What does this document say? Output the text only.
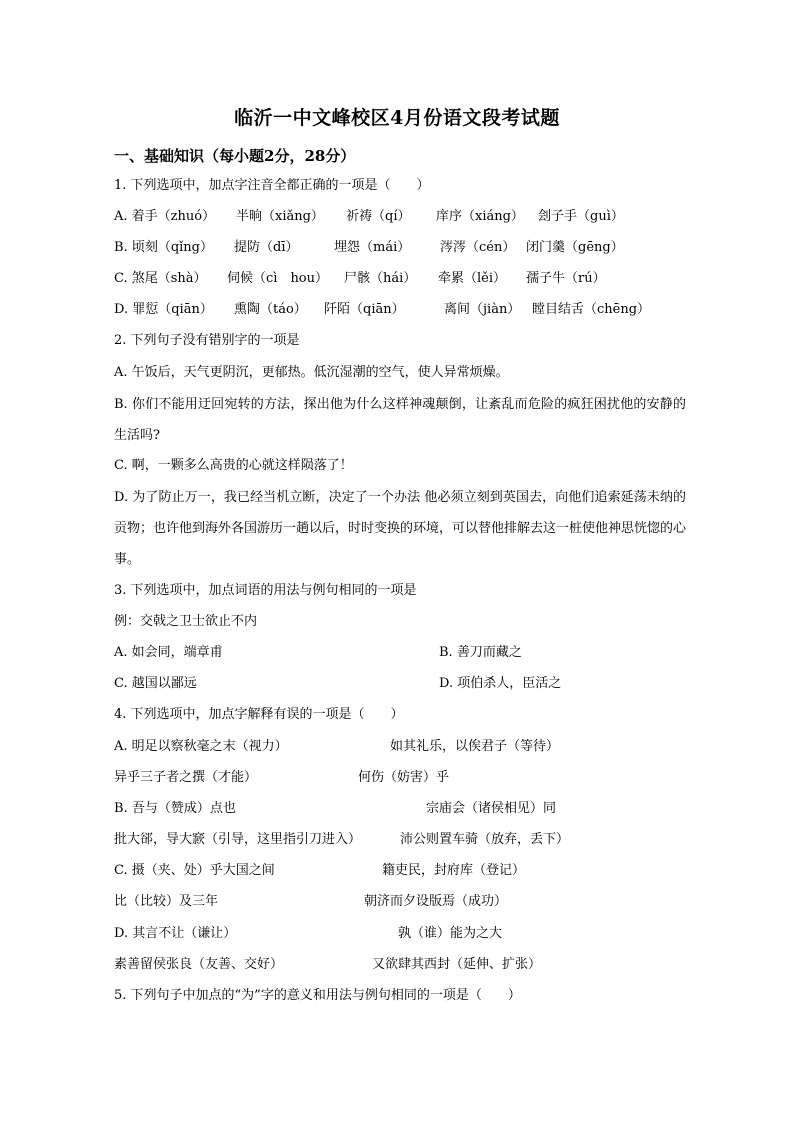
临沂一中文峰校区4月份语文段考试题
一、基础知识（每小题2分，28分）
1. 下列选项中，加点字注音全都正确的一项是（　　）
A. 着手（zhuó） 半晌（xiǎng） 祈祷（qí） 庠序（xiáng） 刽子手（guì）
B. 顷刻（qǐng） 提防（dī）	埋怨（mái） 涔涔（cén） 闭门羹（gēng）
C. 煞尾（shà） 伺候（cì　hou） 尸骸（hái） 牵累（lěi） 孺子牛（rú）
D. 罪愆（qiān） 熏陶（táo） 阡陌（qiān）	离间（jiàn） 瞠目结舌（chēng）
2. 下列句子没有错别字的一项是
A. 午饭后，天气更阴沉，更郁热。低沉湿潮的空气，使人异常烦燥。
B. 你们不能用迂回宛转的方法，探出他为什么这样神魂颠倒，让紊乱而危险的疯狂困扰他的安静的生活吗?
C. 啊，一颗多么高贵的心就这样陨落了！
D. 为了防止万一，我已经当机立断，决定了一个办法 他必须立刻到英国去，向他们追索延荡未纳的贡物；也许他到海外各国游历一趟以后，时时变换的环境，可以替他排解去这一桩使他神思恍惚的心事。
3. 下列选项中，加点词语的用法与例句相同的一项是
例：交戟之卫士欲止不内
A. 如会同，端章甫	B. 善刀而藏之
C. 越国以鄙远	D. 项伯杀人，臣活之
4. 下列选项中，加点字解释有误的一项是（　　）
A. 明足以察秋毫之末（视力）	如其礼乐，以俟君子（等待）
异乎三子者之撰（才能）	何伤（妨害）乎
B. 吾与（赞成）点也	宗庙会（诸侯相见）同
批大郤，导大窾（引导，这里指引刀进入）	沛公则置车骑（放弃，丢下）
C. 摄（夹、处）乎大国之间	籍吏民，封府库（登记）
比（比较）及三年	朝济而夕设版焉（成功）
D. 其言不让（谦让）	孰（谁）能为之大
素善留侯张良（友善、交好）	又欲肆其西封（延伸、扩张）
5. 下列句子中加点的“为”字的意义和用法与例句相同的一项是（　　）
